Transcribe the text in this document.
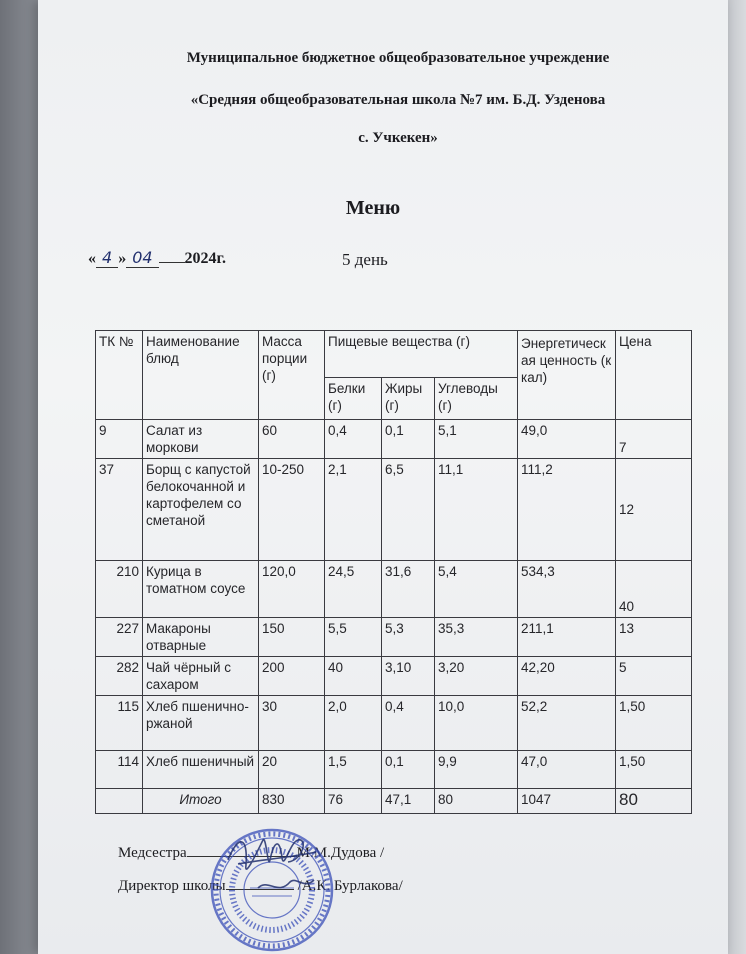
Муниципальное бюджетное общеобразовательное учреждение
«Средняя общеобразовательная школа №7 им. Б.Д. Узденова
с. Учкекен»
Меню
« 4 » 04 2024г.	5 день
ТК №	Наименование блюд	Масса порции (г)	Пищевые вещества (г)			Энергетическая ценность (ккал)	Цена
			Белки (г)	Жиры (г)	Углеводы (г)		
9	Салат из моркови	60	0,4	0,1	5,1	49,0	7
37	Борщ с капустой белокочанной и картофелем со сметаной	10-250	2,1	6,5	11,1	111,2	12
210	Курица в томатном соусе	120,0	24,5	31,6	5,4	534,3	40
227	Макароны отварные	150	5,5	5,3	35,3	211,1	13
282	Чай чёрный с сахаром	200	40	3,10	3,20	42,20	5
115	Хлеб пшенично-ржаной	30	2,0	0,4	10,0	52,2	1,50
114	Хлеб пшеничный	20	1,5	0,1	9,9	47,0	1,50
	Итого	830	76	47,1	80	1047	80
Медсестра	М.М.Дудова /
Директор школы	/А.К. Бурлакова/
